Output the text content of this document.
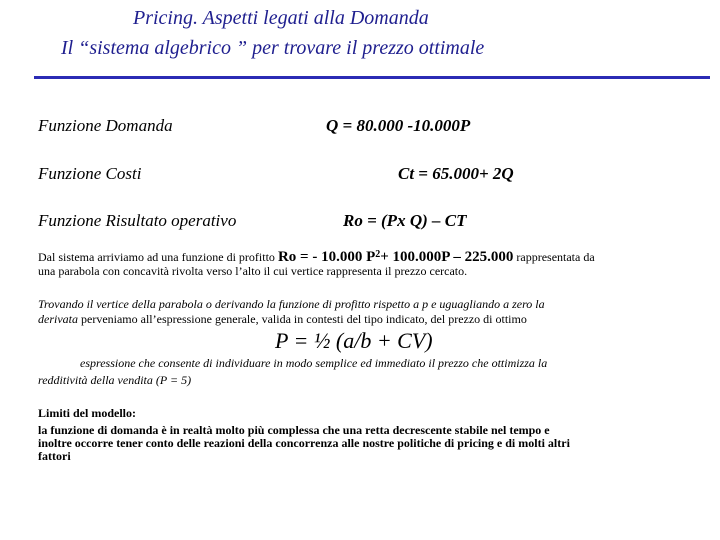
Pricing. Aspetti legati alla Domanda
Il “sistema algebrico ” per trovare il prezzo ottimale
Funzione Domanda	Q = 80.000 -10.000P
Funzione Costi	Ct = 65.000+ 2Q
Funzione Risultato operativo	Ro = (Px Q) – CT
Dal sistema arriviamo ad una funzione di profitto Ro = - 10.000 $P^2+ 100.000P - 225.000$ rappresentata da
una parabola con concavità rivolta verso l’alto il cui vertice rappresenta il prezzo cercato.
Trovando il vertice della parabola o derivando la funzione di profitto rispetto a p e uguagliando a zero la
derivata perveniamo all’espressione generale, valida in contesti del tipo indicato, del prezzo di ottimo
P = ½ (a/b + CV)
espressione che consente di individuare in modo semplice ed immediato il prezzo che ottimizza la
redditività della vendita (P = 5)
Limiti del modello:
la funzione di domanda è in realtà molto più complessa che una retta decrescente stabile nel tempo e
inoltre occorre tener conto delle reazioni della concorrenza alle nostre politiche di pricing e di molti altri
fattori
